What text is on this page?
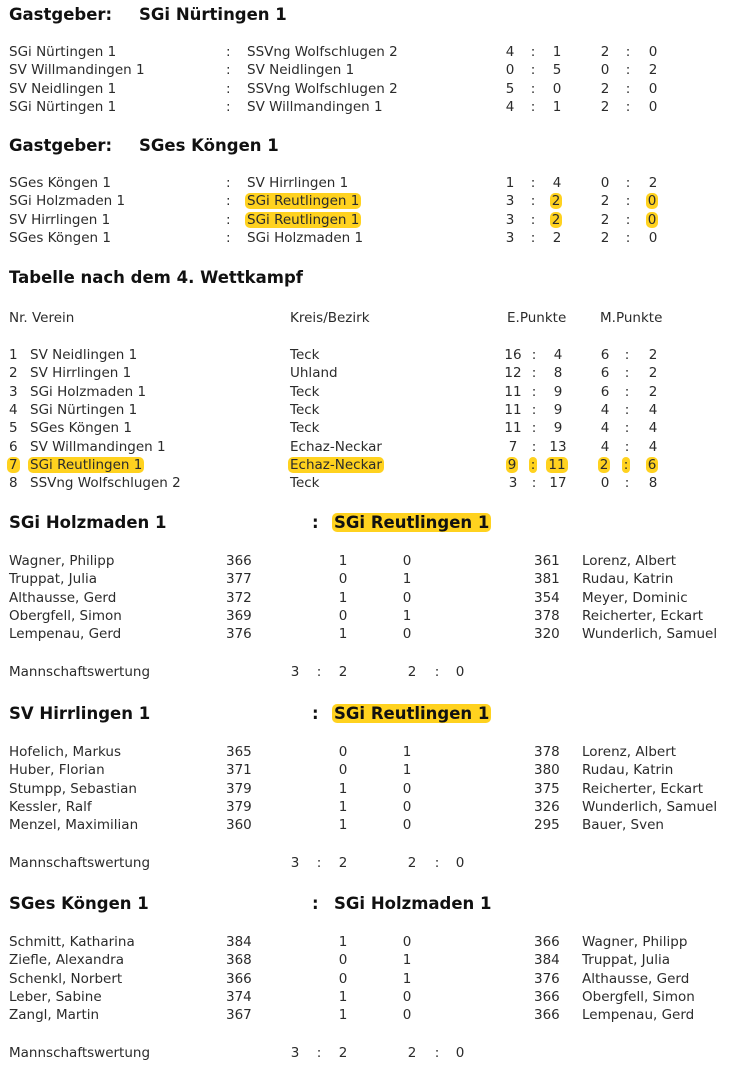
Gastgeber: SGi Nürtingen 1
SGi Nürtingen 1	: SSVng Wolfschlugen 2	4	:	1	2	:	0
SV Willmandingen 1	: SV Neidlingen 1	0	:	5	0	:	2
SV Neidlingen 1	: SSVng Wolfschlugen 2	5	:	0	2	:	0
SGi Nürtingen 1	: SV Willmandingen 1	4	:	1	2	:	0
Gastgeber: SGes Köngen 1
SGes Köngen 1	: SV Hirrlingen 1	1	:	4	0	:	2
SGi Holzmaden 1	: SGi Reutlingen 1	3	:	2	2	:	0
SV Hirrlingen 1	: SGi Reutlingen 1	3	:	2	2	:	0
SGes Köngen 1	: SGi Holzmaden 1	3	:	2	2	:	0
Tabelle nach dem 4. Wettkampf
Nr. Verein	Kreis/Bezirk	E.Punkte M.Punkte
1 SV Neidlingen 1	Teck	16 :	4	6	:	2
2 SV Hirrlingen 1	Uhland	12 :	8	6	:	2
3 SGi Holzmaden 1	Teck	11 :	9	6	:	2
4 SGi Nürtingen 1	Teck	11 :	9	4	:	4
5 SGes Köngen 1	Teck	11 :	9	4	:	4
6 SV Willmandingen 1	Echaz-Neckar	7	: 13	4	:	4
7 SGi Reutlingen 1	Echaz-Neckar	9	: 11	2	:	6
8 SSVng Wolfschlugen 2	Teck	3	: 17	0	:	8
SGi Holzmaden 1	: SGi Reutlingen 1
Wagner, Philipp	366	1	0	361 Lorenz, Albert
Truppat, Julia	377	0	1	381 Rudau, Katrin
Althausse, Gerd	372	1	0	354 Meyer, Dominic
Obergfell, Simon	369	0	1	378 Reicherter, Eckart
Lempenau, Gerd	376	1	0	320 Wunderlich, Samuel
Mannschaftswertung	3	:	2	2	:	0
SV Hirrlingen 1	: SGi Reutlingen 1
Hofelich, Markus	365	0	1	378 Lorenz, Albert
Huber, Florian	371	0	1	380 Rudau, Katrin
Stumpp, Sebastian	379	1	0	375 Reicherter, Eckart
Kessler, Ralf	379	1	0	326 Wunderlich, Samuel
Menzel, Maximilian	360	1	0	295 Bauer, Sven
Mannschaftswertung	3	:	2	2	:	0
SGes Köngen 1	: SGi Holzmaden 1
Schmitt, Katharina	384	1	0	366 Wagner, Philipp
Ziefle, Alexandra	368	0	1	384 Truppat, Julia
Schenkl, Norbert	366	0	1	376 Althausse, Gerd
Leber, Sabine	374	1	0	366 Obergfell, Simon
Zangl, Martin	367	1	0	366 Lempenau, Gerd
Mannschaftswertung	3	:	2	2	:	0
